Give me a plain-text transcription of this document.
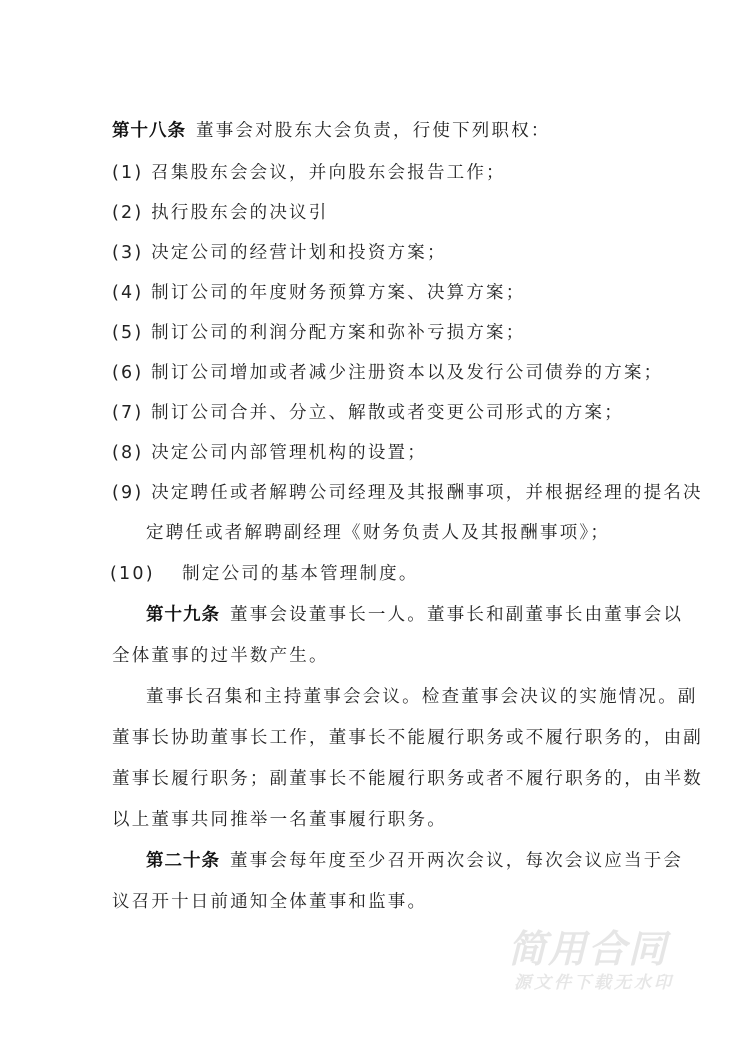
第十八条 董事会对股东大会负责，行使下列职权：
(1) 召集股东会会议，并向股东会报告工作；
(2) 执行股东会的决议引
(3) 决定公司的经营计划和投资方案；
(4) 制订公司的年度财务预算方案、决算方案；
(5) 制订公司的利润分配方案和弥补亏损方案；
(6) 制订公司增加或者减少注册资本以及发行公司债券的方案；
(7) 制订公司合并、分立、解散或者变更公司形式的方案；
(8) 决定公司内部管理机构的设置；
(9) 决定聘任或者解聘公司经理及其报酬事项，并根据经理的提名决
定聘任或者解聘副经理《财务负责人及其报酬事项》；
(10)　 制定公司的基本管理制度。
第十九条 董事会设董事长一人。董事长和副董事长由董事会以
全体董事的过半数产生。
董事长召集和主持董事会会议。检查董事会决议的实施情况。副
董事长协助董事长工作，董事长不能履行职务或不履行职务的，由副
董事长履行职务；副董事长不能履行职务或者不履行职务的，由半数
以上董事共同推举一名董事履行职务。
第二十条 董事会每年度至少召开两次会议，每次会议应当于会
议召开十日前通知全体董事和监事。
简用合同
源文件下载无水印
